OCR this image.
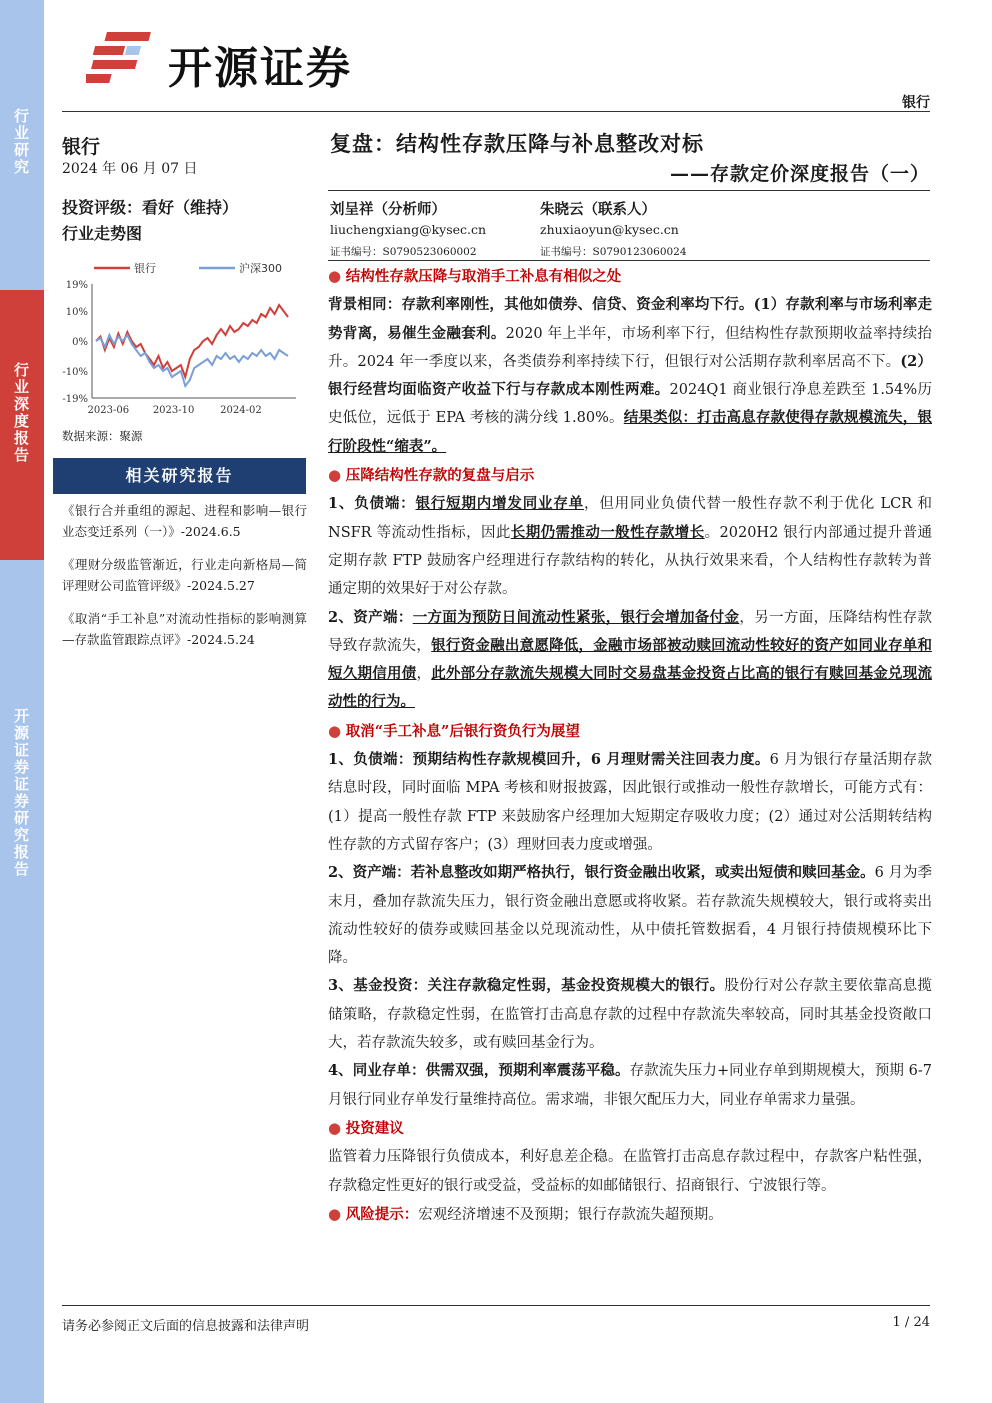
行业研究
行业深度报告
开源证券 证券研究报告
开源证券
银行
银行
2024 年 06 月 07 日
投资评级：看好（维持）
行业走势图
银行	沪深300
19%
10%
0%
-10%
-19%
2023-06 2023-10	2024-02
数据来源：聚源
相关研究报告
《银行合并重组的源起、进程和影响—银行业态变迁系列（一）》-2024.6.5
《理财分级监管渐近，行业走向新格局—简评理财公司监管评级》-2024.5.27
《取消“手工补息”对流动性指标的影响测算—存款监管跟踪点评》-2024.5.24
复盘：结构性存款压降与补息整改对标
——存款定价深度报告（一）
刘呈祥（分析师）
liuchengxiang@kysec.cn
证书编号：S0790523060002
朱晓云（联系人）
zhuxiaoyun@kysec.cn
证书编号：S0790123060024
● 结构性存款压降与取消手工补息有相似之处
背景相同：存款利率刚性，其他如债券、信贷、资金利率均下行。(1）存款利率与市场利率走势背离，易催生金融套利。2020 年上半年，市场利率下行，但结构性存款预期收益率持续抬升。2024 年一季度以来，各类债券利率持续下行，但银行对公活期存款利率居高不下。(2）银行经营均面临资产收益下行与存款成本刚性两难。2024Q1 商业银行净息差跌至 1.54%历史低位，远低于 EPA 考核的满分线 1.80%。结果类似：打击高息存款使得存款规模流失，银行阶段性“缩表”。
● 压降结构性存款的复盘与启示
1、负债端：银行短期内增发同业存单，但用同业负债代替一般性存款不利于优化 LCR 和 NSFR 等流动性指标，因此长期仍需推动一般性存款增长。2020H2 银行内部通过提升普通定期存款 FTP 鼓励客户经理进行存款结构的转化，从执行效果来看，个人结构性存款转为普通定期的效果好于对公存款。
2、资产端：一方面为预防日间流动性紧张，银行会增加备付金，另一方面，压降结构性存款导致存款流失，银行资金融出意愿降低，金融市场部被动赎回流动性较好的资产如同业存单和短久期信用债，此外部分存款流失规模大同时交易盘基金投资占比高的银行有赎回基金兑现流动性的行为。
● 取消“手工补息”后银行资负行为展望
1、负债端：预期结构性存款规模回升，6 月理财需关注回表力度。6 月为银行存量活期存款结息时段，同时面临 MPA 考核和财报披露，因此银行或推动一般性存款增长，可能方式有：(1）提高一般性存款 FTP 来鼓励客户经理加大短期定存吸收力度；(2）通过对公活期转结构性存款的方式留存客户；(3）理财回表力度或增强。
2、资产端：若补息整改如期严格执行，银行资金融出收紧，或卖出短债和赎回基金。6 月为季末月，叠加存款流失压力，银行资金融出意愿或将收紧。若存款流失规模较大，银行或将卖出流动性较好的债券或赎回基金以兑现流动性，从中债托管数据看，4 月银行持债规模环比下降。
3、基金投资：关注存款稳定性弱，基金投资规模大的银行。股份行对公存款主要依靠高息揽储策略，存款稳定性弱，在监管打击高息存款的过程中存款流失率较高，同时其基金投资敞口大，若存款流失较多，或有赎回基金行为。
4、同业存单：供需双强，预期利率震荡平稳。存款流失压力+同业存单到期规模大，预期 6-7 月银行同业存单发行量维持高位。需求端，非银欠配压力大，同业存单需求力量强。
● 投资建议
监管着力压降银行负债成本，利好息差企稳。在监管打击高息存款过程中，存款客户粘性强，存款稳定性更好的银行或受益，受益标的如邮储银行、招商银行、宁波银行等。
● 风险提示：宏观经济增速不及预期；银行存款流失超预期。
请务必参阅正文后面的信息披露和法律声明	1 / 24
